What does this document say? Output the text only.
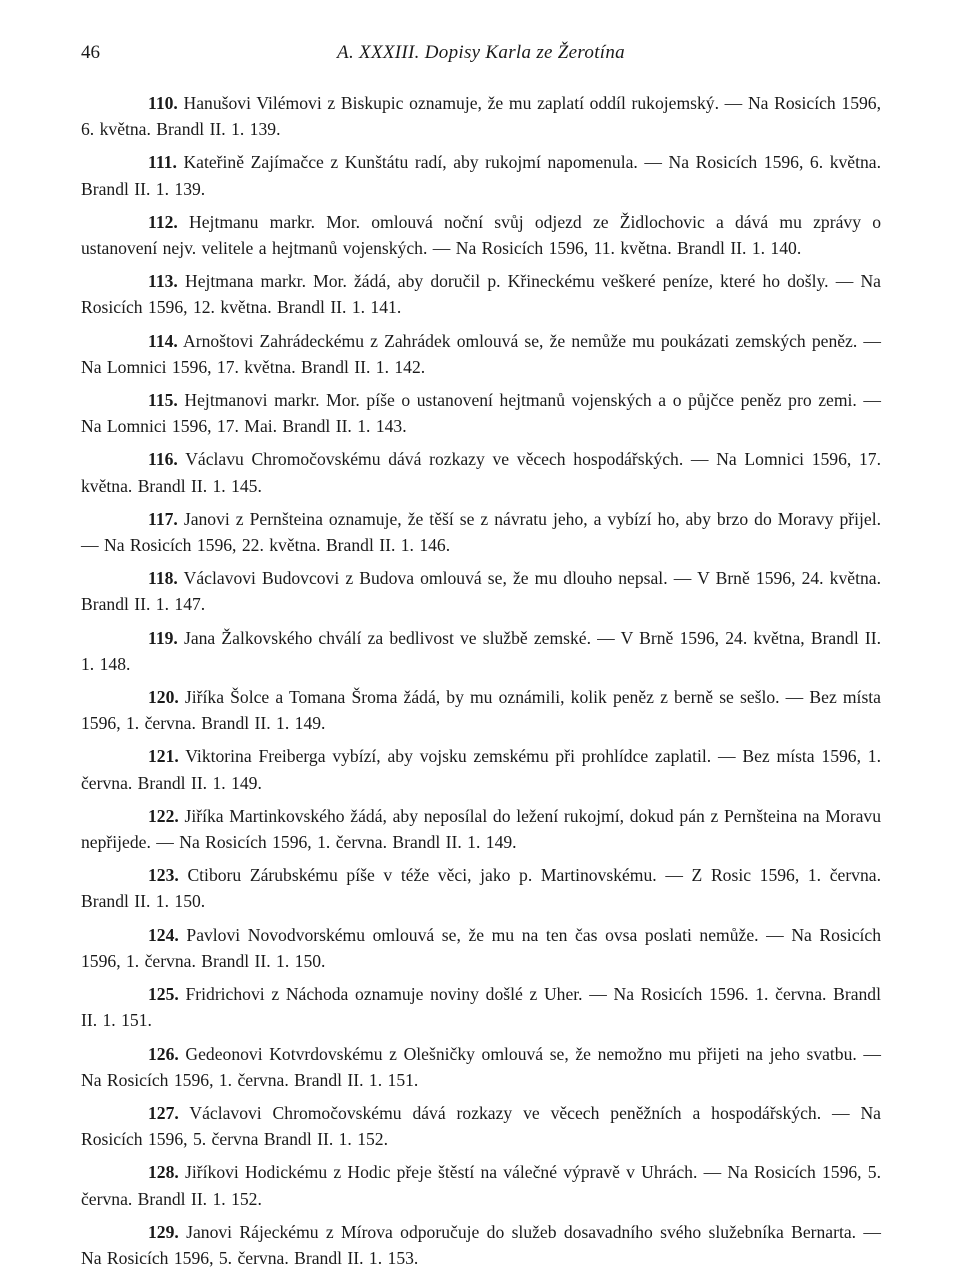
46	A. XXXIII. Dopisy Karla ze Žerotína

110. Hanušovi Vilémovi z Biskupic oznamuje, že mu zaplatí oddíl rukojemský. — Na Rosicích 1596, 6. května. Brandl II. 1. 139.

111. Kateřině Zajímačce z Kunštátu radí, aby rukojmí napomenula. — Na Rosicích 1596, 6. května. Brandl II. 1. 139.

112. Hejtmanu markr. Mor. omlouvá noční svůj odjezd ze Židlochovic a dává mu zprávy o ustanovení nejv. velitele a hejtmanů vojenských. — Na Rosicích 1596, 11. května. Brandl II. 1. 140.

113. Hejtmana markr. Mor. žádá, aby doručil p. Křineckému veškeré peníze, které ho došly. — Na Rosicích 1596, 12. května. Brandl II. 1. 141.

114. Arnoštovi Zahrádeckému z Zahrádek omlouvá se, že nemůže mu poukázati zemských peněz. — Na Lomnici 1596, 17. května. Brandl II. 1. 142.

115. Hejtmanovi markr. Mor. píše o ustanovení hejtmanů vojenských a o půjčce peněz pro zemi. — Na Lomnici 1596, 17. Mai. Brandl II. 1. 143.

116. Václavu Chromočovskému dává rozkazy ve věcech hospodářských. — Na Lomnici 1596, 17. května. Brandl II. 1. 145.

117. Janovi z Pernšteina oznamuje, že těší se z návratu jeho, a vybízí ho, aby brzo do Moravy přijel. — Na Rosicích 1596, 22. května. Brandl II. 1. 146.

118. Václavovi Budovcovi z Budova omlouvá se, že mu dlouho nepsal. — V Brně 1596, 24. května. Brandl II. 1. 147.

119. Jana Žalkovského chválí za bedlivost ve službě zemské. — V Brně 1596, 24. května, Brandl II. 1. 148.

120. Jiříka Šolce a Tomana Šroma žádá, by mu oznámili, kolik peněz z berně se sešlo. — Bez místa 1596, 1. června. Brandl II. 1. 149.

121. Viktorina Freiberga vybízí, aby vojsku zemskému při prohlídce zaplatil. — Bez místa 1596, 1. června. Brandl II. 1. 149.

122. Jiříka Martinkovského žádá, aby neposílal do ležení rukojmí, dokud pán z Pernšteina na Moravu nepřijede. — Na Rosicích 1596, 1. června. Brandl II. 1. 149.

123. Ctiboru Zárubskému píše v téže věci, jako p. Martinovskému. — Z Rosic 1596, 1. června. Brandl II. 1. 150.

124. Pavlovi Novodvorskému omlouvá se, že mu na ten čas ovsa poslati nemůže. — Na Rosicích 1596, 1. června. Brandl II. 1. 150.

125. Fridrichovi z Náchoda oznamuje noviny došlé z Uher. — Na Rosicích 1596. 1. června. Brandl II. 1. 151.

126. Gedeonovi Kotvrdovskému z Olešničky omlouvá se, že nemožno mu přijeti na jeho svatbu. — Na Rosicích 1596, 1. června. Brandl II. 1. 151.

127. Václavovi Chromočovskému dává rozkazy ve věcech peněžních a hospodářských. — Na Rosicích 1596, 5. června Brandl II. 1. 152.

128. Jiříkovi Hodickému z Hodic přeje štěstí na válečné výpravě v Uhrách. — Na Rosicích 1596, 5. června. Brandl II. 1. 152.

129. Janovi Rájeckému z Mírova odporučuje do služeb dosavadního svého služebníka Bernarta. — Na Rosicích 1596, 5. června. Brandl II. 1. 153.
